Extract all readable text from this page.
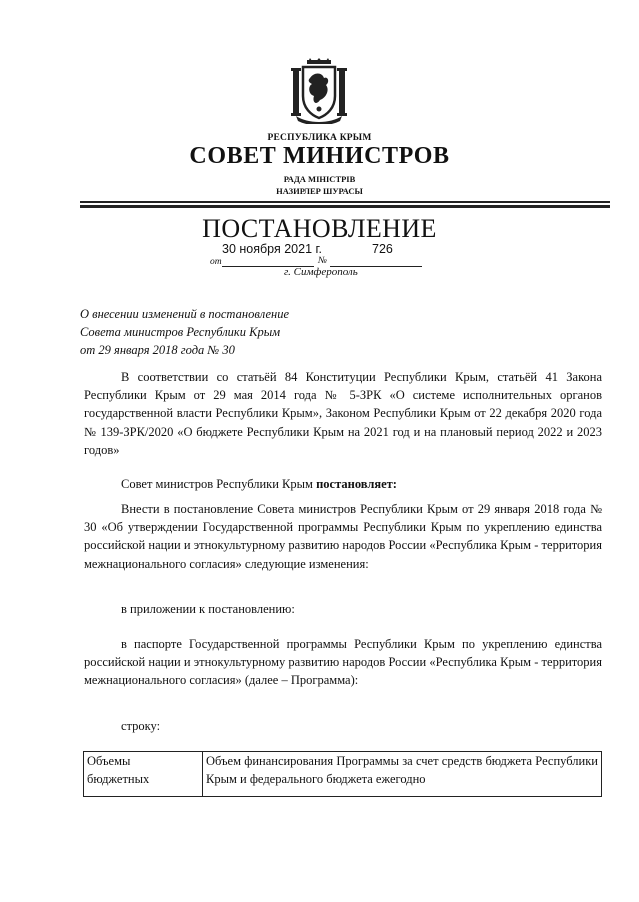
РЕСПУБЛИКА КРЫМ
СОВЕТ МИНИСТРОВ
РАДА МІНІСТРІВ
НАЗИРЛЕР ШУРАСЫ
ПОСТАНОВЛЕНИЕ
30 ноября 2021 г.	726
от	№
г. Симферополь
О внесении изменений в постановление
Совета министров Республики Крым
от 29 января 2018 года № 30
В соответствии со статьёй 84 Конституции Республики Крым, статьёй 41 Закона Республики Крым от 29 мая 2014 года № 5-ЗРК «О системе исполнительных органов государственной власти Республики Крым», Законом Республики Крым от 22 декабря 2020 года № 139-ЗРК/2020 «О бюджете Республики Крым на 2021 год и на плановый период 2022 и 2023 годов»
Совет министров Республики Крым постановляет:
Внести в постановление Совета министров Республики Крым от 29 января 2018 года № 30 «Об утверждении Государственной программы Республики Крым по укреплению единства российской нации и этнокультурному развитию народов России «Республика Крым - территория межнационального согласия» следующие изменения:
в приложении к постановлению:
в паспорте Государственной программы Республики Крым по укреплению единства российской нации и этнокультурному развитию народов России «Республика Крым - территория межнационального согласия» (далее – Программа):
строку:
Объемы
бюджетных
	Объем финансирования Программы за счет средств бюджета Республики Крым и федерального бюджета ежегодно
